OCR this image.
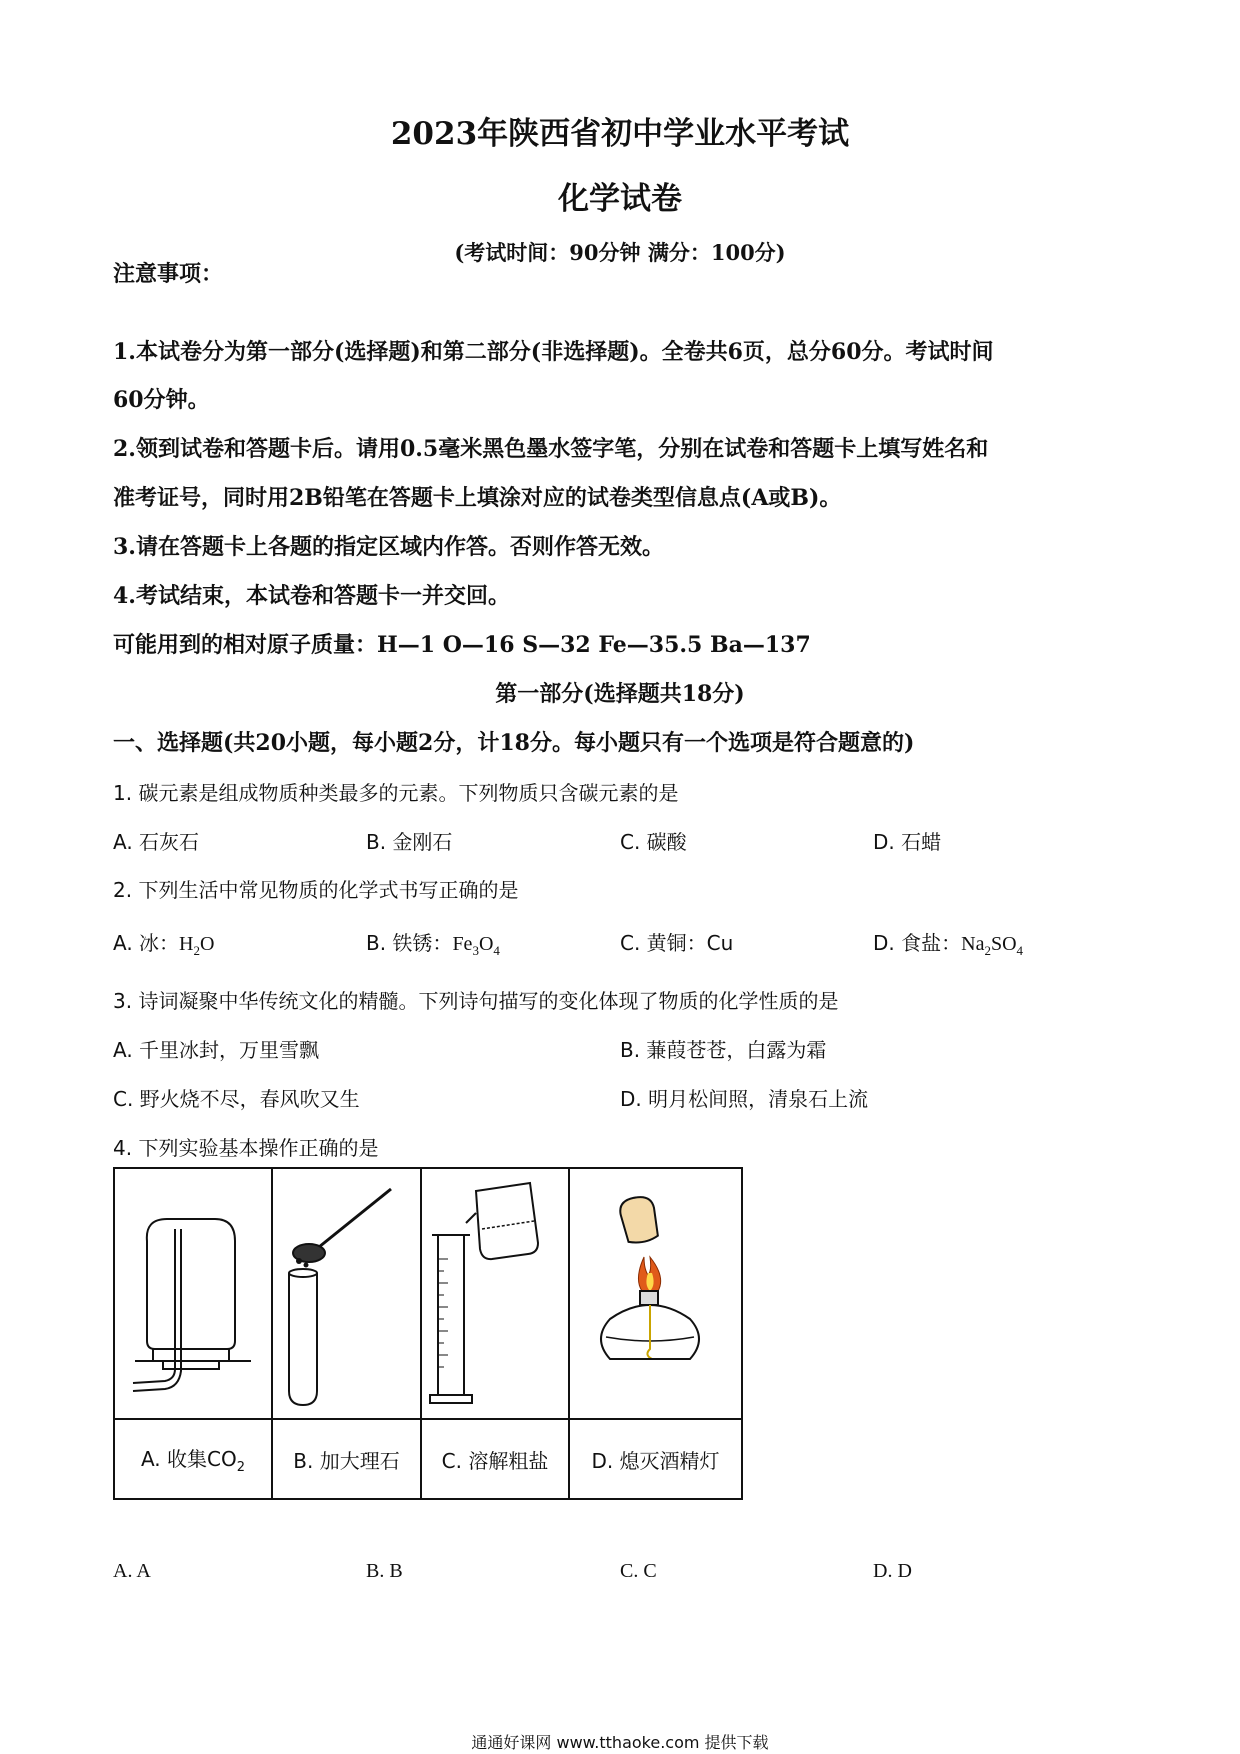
2023年陕西省初中学业水平考试
化学试卷
(考试时间：90分钟 满分：100分)
注意事项：
1.本试卷分为第一部分(选择题)和第二部分(非选择题)。全卷共6页，总分60分。考试时间
60分钟。
2.领到试卷和答题卡后。请用0.5毫米黑色墨水签字笔，分别在试卷和答题卡上填写姓名和
准考证号，同时用2B铅笔在答题卡上填涂对应的试卷类型信息点(A或B)。
3.请在答题卡上各题的指定区域内作答。否则作答无效。
4.考试结束，本试卷和答题卡一并交回。
可能用到的相对原子质量：H—1 O—16 S—32 Fe—35.5 Ba—137
第一部分(选择题共18分)
一、选择题(共20小题，每小题2分，计18分。每小题只有一个选项是符合题意的)
1. 碳元素是组成物质种类最多的元素。下列物质只含碳元素的是
A. 石灰石	B. 金刚石	C. 碳酸	D. 石蜡
2. 下列生活中常见物质的化学式书写正确的是
A. 冰：$H_2O$	B. 铁锈：$Fe_3O_4$	C. 黄铜：Cu	D. 食盐：$Na_2SO_4$
3. 诗词凝聚中华传统文化的精髓。下列诗句描写的变化体现了物质的化学性质的是
A. 千里冰封，万里雪飘	B. 蒹葭苍苍，白露为霜
C. 野火烧不尽，春风吹又生	D. 明月松间照，清泉石上流
4. 下列实验基本操作正确的是

A. 收集$CO_2$	B. 加大理石	C. 溶解粗盐	D. 熄灭酒精灯
A. A	B. B	C. C	D. D
通通好课网 www.tthaoke.com 提供下载
